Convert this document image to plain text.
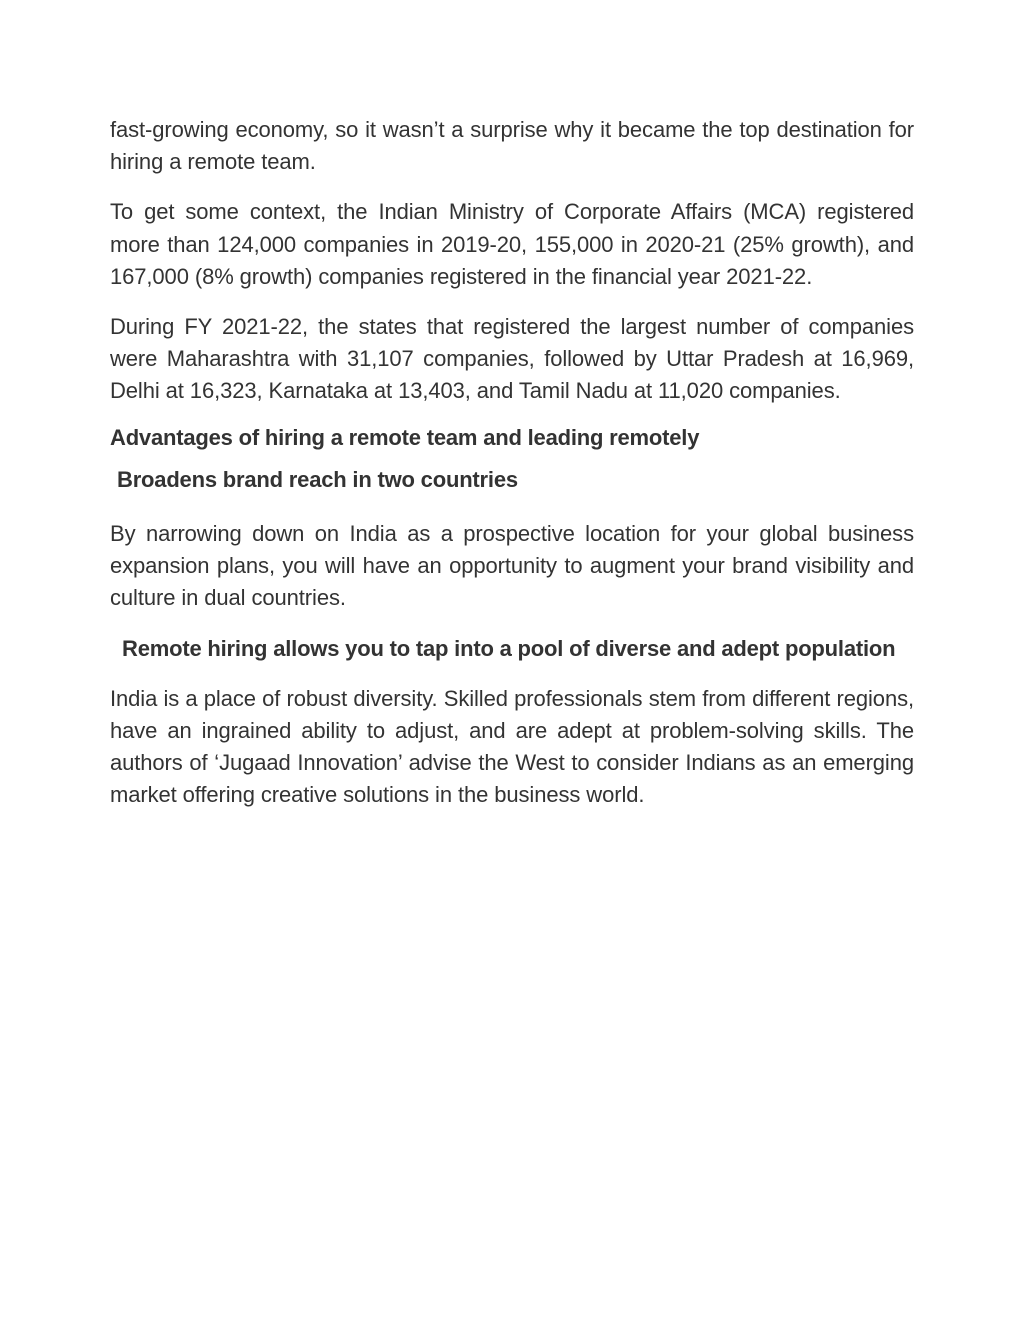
fast-growing economy, so it wasn’t a surprise why it became the top destination for hiring a remote team.

To get some context, the Indian Ministry of Corporate Affairs (MCA) registered more than 124,000 companies in 2019-20, 155,000 in 2020-21 (25% growth), and 167,000 (8% growth) companies registered in the financial year 2021-22.

During FY 2021-22, the states that registered the largest number of companies were Maharashtra with 31,107 companies, followed by Uttar Pradesh at 16,969, Delhi at 16,323, Karnataka at 13,403, and Tamil Nadu at 11,020 companies.

Advantages of hiring a remote team and leading remotely

Broadens brand reach in two countries

By narrowing down on India as a prospective location for your global business expansion plans, you will have an opportunity to augment your brand visibility and culture in dual countries.

Remote hiring allows you to tap into a pool of diverse and adept population

India is a place of robust diversity. Skilled professionals stem from different regions, have an ingrained ability to adjust, and are adept at problem-solving skills. The authors of ‘Jugaad Innovation’ advise the West to consider Indians as an emerging market offering creative solutions in the business world.
